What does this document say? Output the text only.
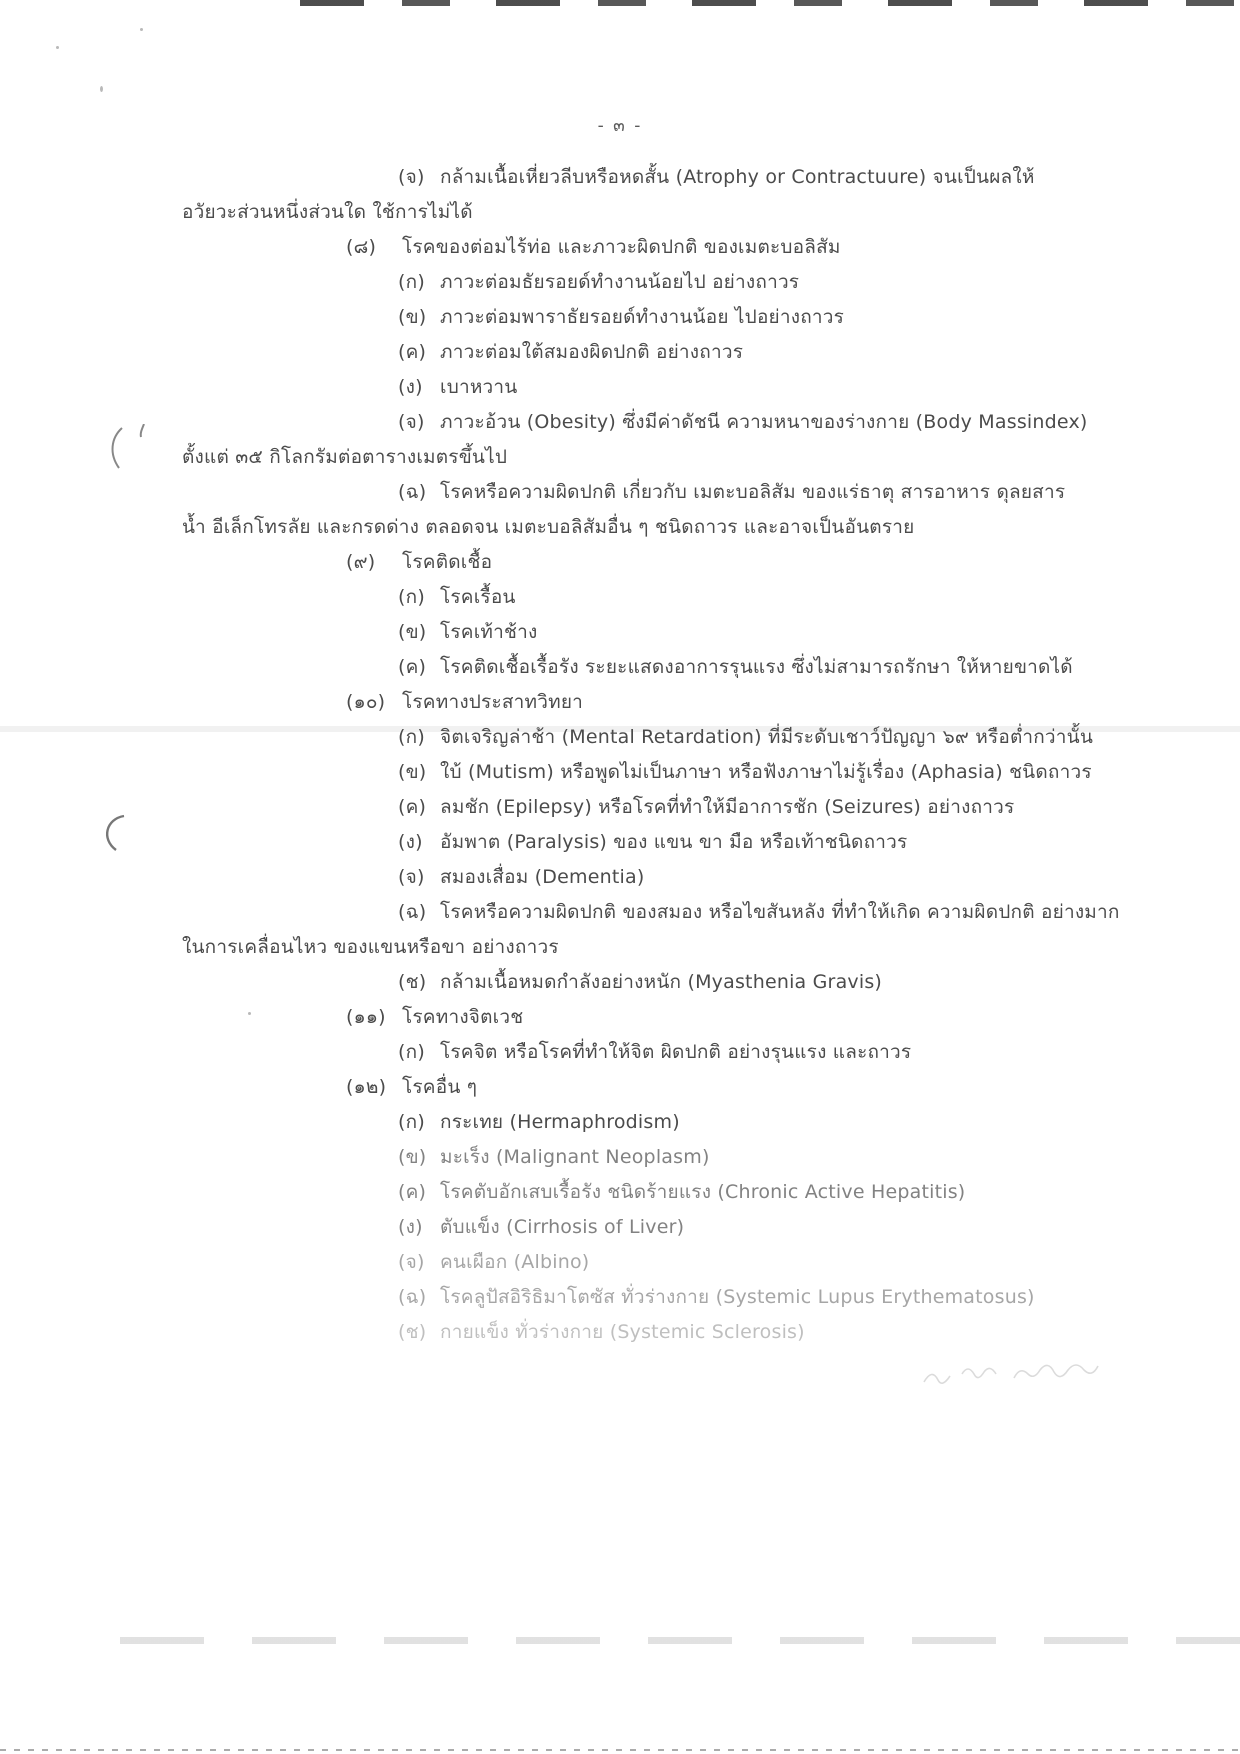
- ๓ -
(จ) กล้ามเนื้อเหี่ยวลีบหรือหดสั้น (Atrophy or Contractuure) จนเป็นผลให้
อวัยวะส่วนหนึ่งส่วนใด ใช้การไม่ได้
(๘) โรคของต่อมไร้ท่อ และภาวะผิดปกติ ของเมตะบอลิสัม
(ก) ภาวะต่อมธัยรอยด์ทำงานน้อยไป อย่างถาวร
(ข) ภาวะต่อมพาราธัยรอยด์ทำงานน้อย ไปอย่างถาวร
(ค) ภาวะต่อมใต้สมองผิดปกติ อย่างถาวร
(ง) เบาหวาน
(จ) ภาวะอ้วน (Obesity) ซึ่งมีค่าดัชนี ความหนาของร่างกาย (Body Massindex)
ตั้งแต่ ๓๕ กิโลกรัมต่อตารางเมตรขึ้นไป
(ฉ) โรคหรือความผิดปกติ เกี่ยวกับ เมตะบอลิสัม ของแร่ธาตุ สารอาหาร ดุลยสาร
น้ำ อีเล็กโทรลัย และกรดด่าง ตลอดจน เมตะบอลิสัมอื่น ๆ ชนิดถาวร และอาจเป็นอันตราย
(๙) โรคติดเชื้อ
(ก) โรคเรื้อน
(ข) โรคเท้าช้าง
(ค) โรคติดเชื้อเรื้อรัง ระยะแสดงอาการรุนแรง ซึ่งไม่สามารถรักษา ให้หายขาดได้
(๑๐) โรคทางประสาทวิทยา
(ก) จิตเจริญล่าช้า (Mental Retardation) ที่มีระดับเชาว์ปัญญา ๖๙ หรือต่ำกว่านั้น
(ข) ใบ้ (Mutism) หรือพูดไม่เป็นภาษา หรือฟังภาษาไม่รู้เรื่อง (Aphasia) ชนิดถาวร
(ค) ลมชัก (Epilepsy) หรือโรคที่ทำให้มีอาการชัก (Seizures) อย่างถาวร
(ง) อัมพาต (Paralysis) ของ แขน ขา มือ หรือเท้าชนิดถาวร
(จ) สมองเสื่อม (Dementia)
(ฉ) โรคหรือความผิดปกติ ของสมอง หรือไขสันหลัง ที่ทำให้เกิด ความผิดปกติ อย่างมาก
ในการเคลื่อนไหว ของแขนหรือขา อย่างถาวร
(ช) กล้ามเนื้อหมดกำลังอย่างหนัก (Myasthenia Gravis)
(๑๑) โรคทางจิตเวช
(ก) โรคจิต หรือโรคที่ทำให้จิต ผิดปกติ อย่างรุนแรง และถาวร
(๑๒) โรคอื่น ๆ
(ก) กระเทย (Hermaphrodism)
(ข) มะเร็ง (Malignant Neoplasm)
(ค) โรคตับอักเสบเรื้อรัง ชนิดร้ายแรง (Chronic Active Hepatitis)
(ง) ตับแข็ง (Cirrhosis of Liver)
(จ) คนเผือก (Albino)
(ฉ) โรคลูปัสอิริธิมาโตซัส ทั่วร่างกาย (Systemic Lupus Erythematosus)
(ช) กายแข็ง ทั่วร่างกาย (Systemic Sclerosis)
